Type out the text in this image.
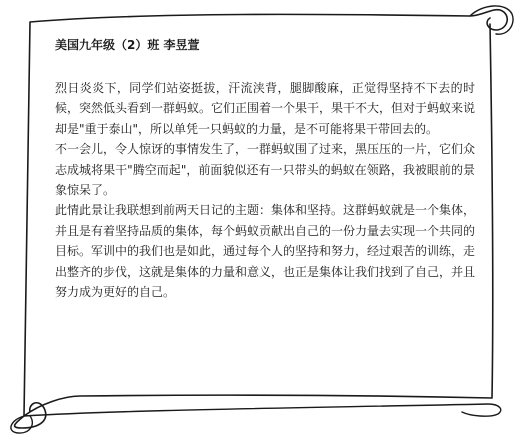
美国九年级（2）班 李昱萱

烈日炎炎下，同学们站姿挺拔，汗流浃背，腿脚酸麻，正觉得坚持不下去的时候，突然低头看到一群蚂蚁。它们正围着一个果干，果干不大，但对于蚂蚁来说却是"重于泰山"，所以单凭一只蚂蚁的力量，是不可能将果干带回去的。

不一会儿，令人惊讶的事情发生了，一群蚂蚁围了过来，黑压压的一片，它们众志成城将果干"腾空而起"，前面貌似还有一只带头的蚂蚁在领路，我被眼前的景象惊呆了。

此情此景让我联想到前两天日记的主题：集体和坚持。这群蚂蚁就是一个集体，并且是有着坚持品质的集体，每个蚂蚁贡献出自己的一份力量去实现一个共同的目标。军训中的我们也是如此，通过每个人的坚持和努力，经过艰苦的训练，走出整齐的步伐，这就是集体的力量和意义，也正是集体让我们找到了自己，并且努力成为更好的自己。
